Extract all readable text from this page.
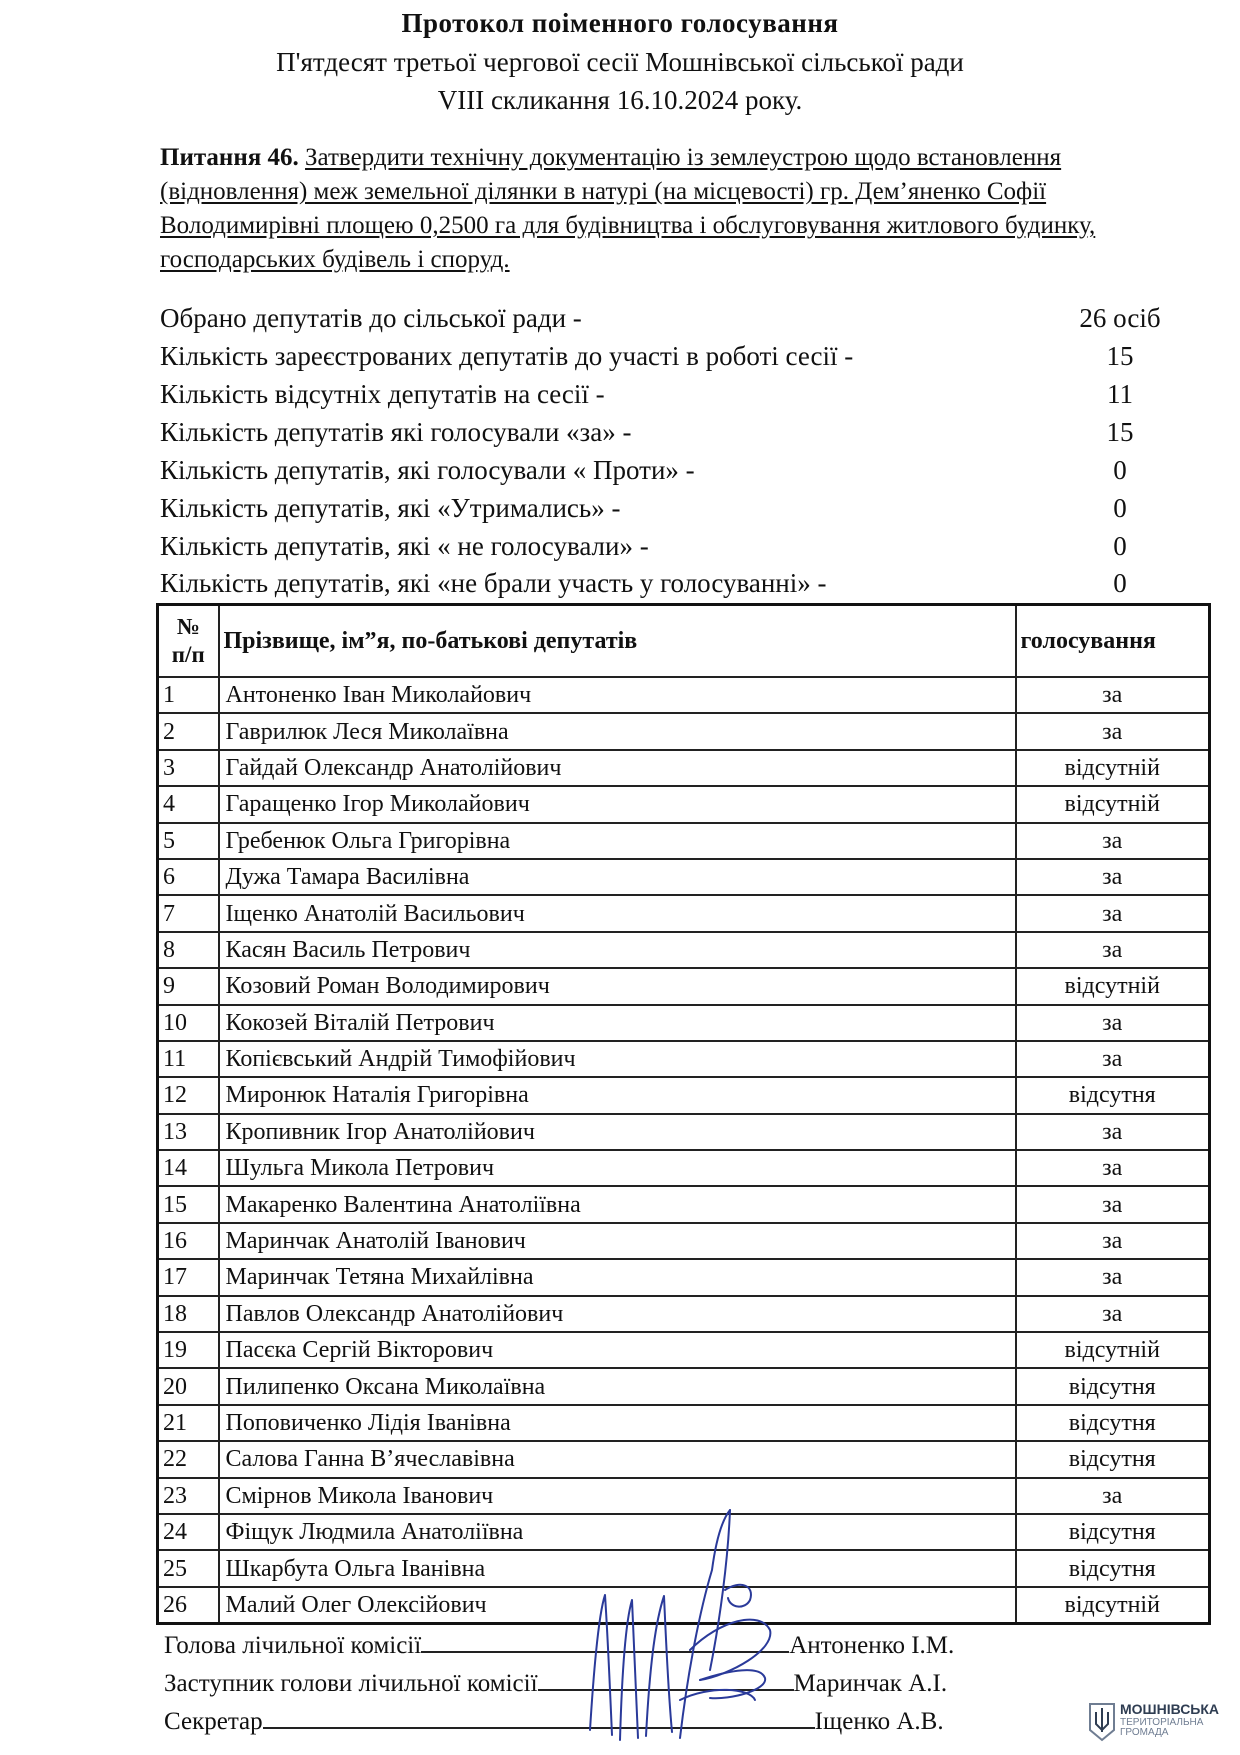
Протокол поіменного голосування
П'ятдесят третьої чергової сесії Мошнівської сільської ради
VIII скликання 16.10.2024 року.
Питання 46. Затвердити технічну документацію із землеустрою щодо встановлення (відновлення) меж земельної ділянки в натурі (на місцевості) гр. Дем’яненко Софії Володимирівні площею 0,2500 га для будівництва і обслуговування житлового будинку, господарських будівель і споруд.
Обрано депутатів до сільської ради -	26 осіб
Кількість зареєстрованих депутатів до участі в роботі сесії -	15
Кількість відсутніх депутатів на сесії -	11
Кількість депутатів які голосували «за» -	15
Кількість депутатів, які голосували « Проти» -	0
Кількість депутатів, які «Утримались» -	0
Кількість депутатів, які « не голосували» -	0
Кількість депутатів, які «не брали участь у голосуванні» -	0
№
п/п	Прізвище, ім”я, по-батькові депутатів	голосування
1	Антоненко Іван Миколайович	за
2	Гаврилюк Леся Миколаївна	за
3	Гайдай Олександр Анатолійович	відсутній
4	Гаращенко Ігор Миколайович	відсутній
5	Гребенюк Ольга Григорівна	за
6	Дужа Тамара Василівна	за
7	Іщенко Анатолій Васильович	за
8	Касян Василь Петрович	за
9	Козовий Роман Володимирович	відсутній
10	Кокозей Віталій Петрович	за
11	Копієвський Андрій Тимофійович	за
12	Миронюк Наталія Григорівна	відсутня
13	Кропивник Ігор Анатолійович	за
14	Шульга Микола Петрович	за
15	Макаренко Валентина Анатоліївна	за
16	Маринчак Анатолій Іванович	за
17	Маринчак Тетяна Михайлівна	за
18	Павлов Олександр Анатолійович	за
19	Пасєка Сергій Вікторович	відсутній
20	Пилипенко Оксана Миколаївна	відсутня
21	Поповиченко Лідія Іванівна	відсутня
22	Салова Ганна В’ячеславівна	відсутня
23	Смірнов Микола Іванович	за
24	Фіщук Людмила Анатоліївна	відсутня
25	Шкарбута Ольга Іванівна	відсутня
26	Малий Олег Олексійович	відсутній
Голова лічильної комісії	Антоненко І.М.
Заступник голови лічильної комісії	Маринчак А.І.
Секретар	Іщенко А.В.	МОШНІВСЬКА
ТЕРИТОРІАЛЬНА
ГРОМАДА
